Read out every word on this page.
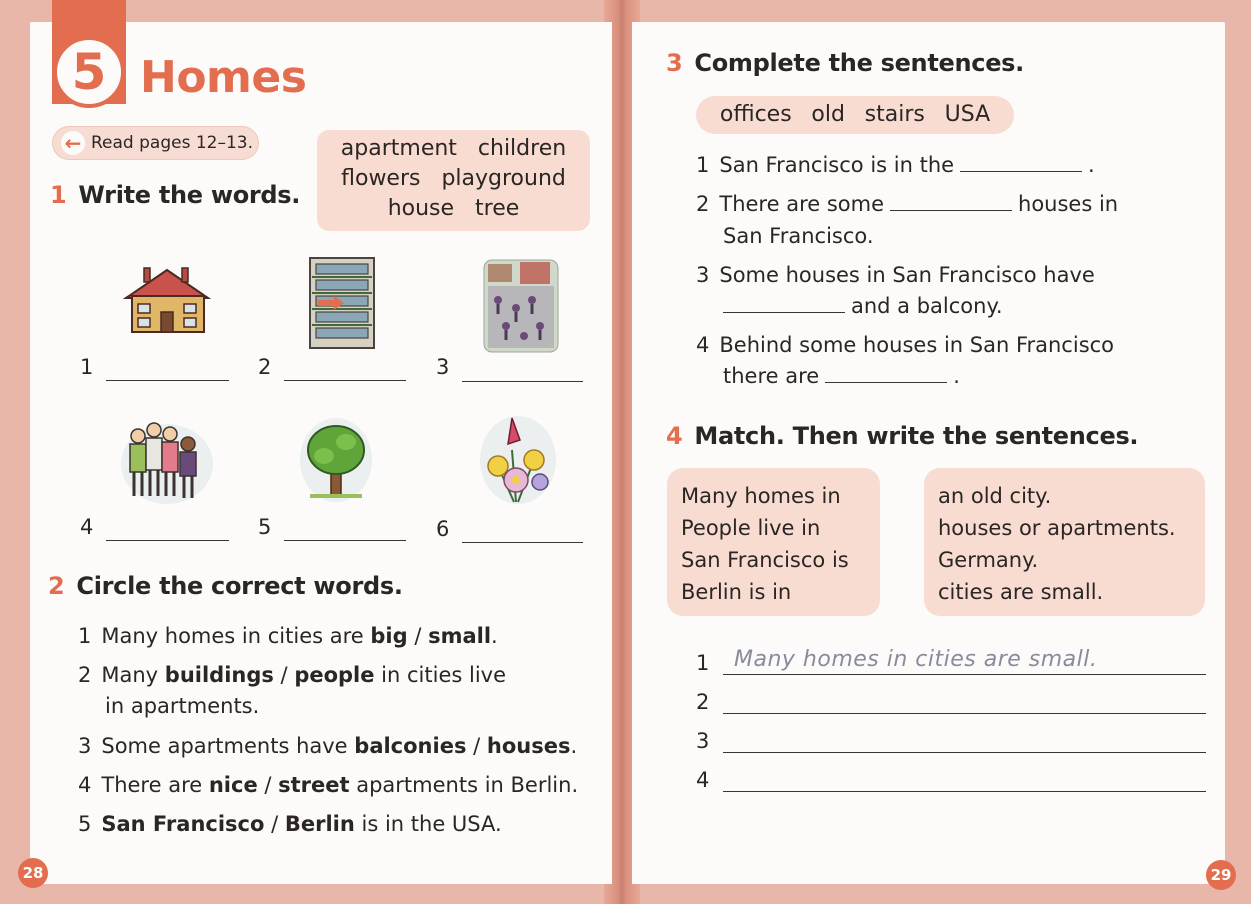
5 Homes
← Read pages 12–13.
1 Write the words.
apartment   children
flowers   playground
house   tree
1	2	3
4	5	6
2 Circle the correct words.
1 Many homes in cities are big / small.
2 Many buildings / people in cities live
in apartments.
3 Some apartments have balconies / houses.
4 There are nice / street apartments in Berlin.
5 San Francisco / Berlin is in the USA.
28
3 Complete the sentences.
offices old stairs USA
1 San Francisco is in the	.
2 There are some	houses in
San Francisco.
3 Some houses in San Francisco have
and a balcony.
4 Behind some houses in San Francisco
there are	.
4 Match. Then write the sentences.
Many homes in
People live in
San Francisco is
Berlin is in
an old city.
houses or apartments.
Germany.
cities are small.
1 Many homes in cities are small.
2
3
4
29
